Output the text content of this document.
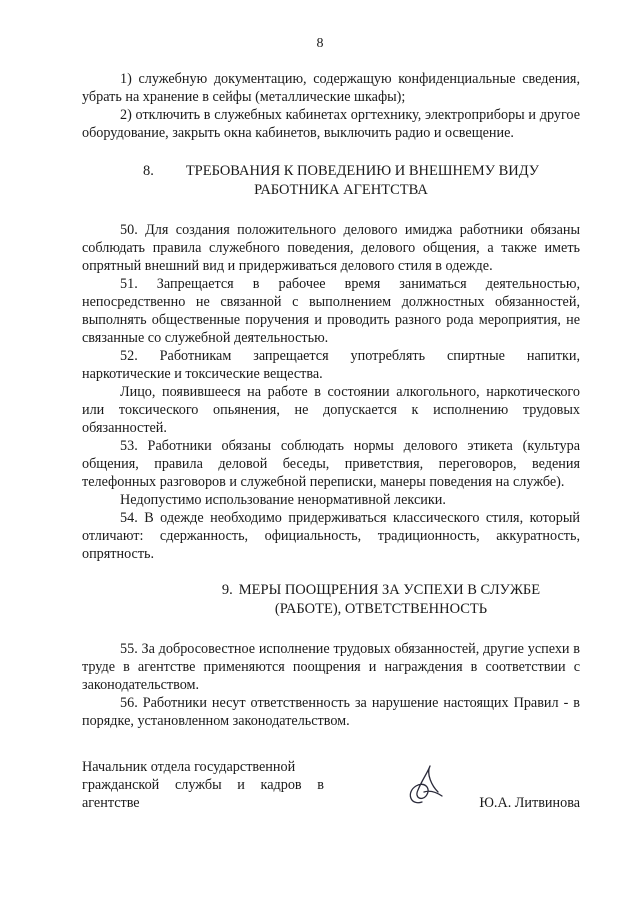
8

1) служебную документацию, содержащую конфиденциальные сведения, убрать на хранение в сейфы (металлические шкафы);

2) отключить в служебных кабинетах оргтехнику, электроприборы и другое оборудование, закрыть окна кабинетов, выключить радио и освещение.

8. ТРЕБОВАНИЯ К ПОВЕДЕНИЮ И ВНЕШНЕМУ ВИДУ
РАБОТНИКА АГЕНТСТВА

50. Для создания положительного делового имиджа работники обязаны соблюдать правила служебного поведения, делового общения, а также иметь опрятный внешний вид и придерживаться делового стиля в одежде.

51. Запрещается в рабочее время заниматься деятельностью, непосредственно не связанной с выполнением должностных обязанностей, выполнять общественные поручения и проводить разного рода мероприятия, не связанные со служебной деятельностью.

52. Работникам запрещается употреблять спиртные напитки, наркотические и токсические вещества.

Лицо, появившееся на работе в состоянии алкогольного, наркотического или токсического опьянения, не допускается к исполнению трудовых обязанностей.

53. Работники обязаны соблюдать нормы делового этикета (культура общения, правила деловой беседы, приветствия, переговоров, ведения телефонных разговоров и служебной переписки, манеры поведения на службе).

Недопустимо использование ненормативной лексики.

54. В одежде необходимо придерживаться классического стиля, который отличают: сдержанность, официальность, традиционность, аккуратность, опрятность.

9. МЕРЫ ПООЩРЕНИЯ ЗА УСПЕХИ В СЛУЖБЕ
(РАБОТЕ), ОТВЕТСТВЕННОСТЬ

55. За добросовестное исполнение трудовых обязанностей, другие успехи в труде в агентстве применяются поощрения и награждения в соответствии с законодательством.

56. Работники несут ответственность за нарушение настоящих Правил - в порядке, установленном законодательством.

Начальник отдела государственной
гражданской службы и кадров в
агентстве	Ю.А. Литвинова
